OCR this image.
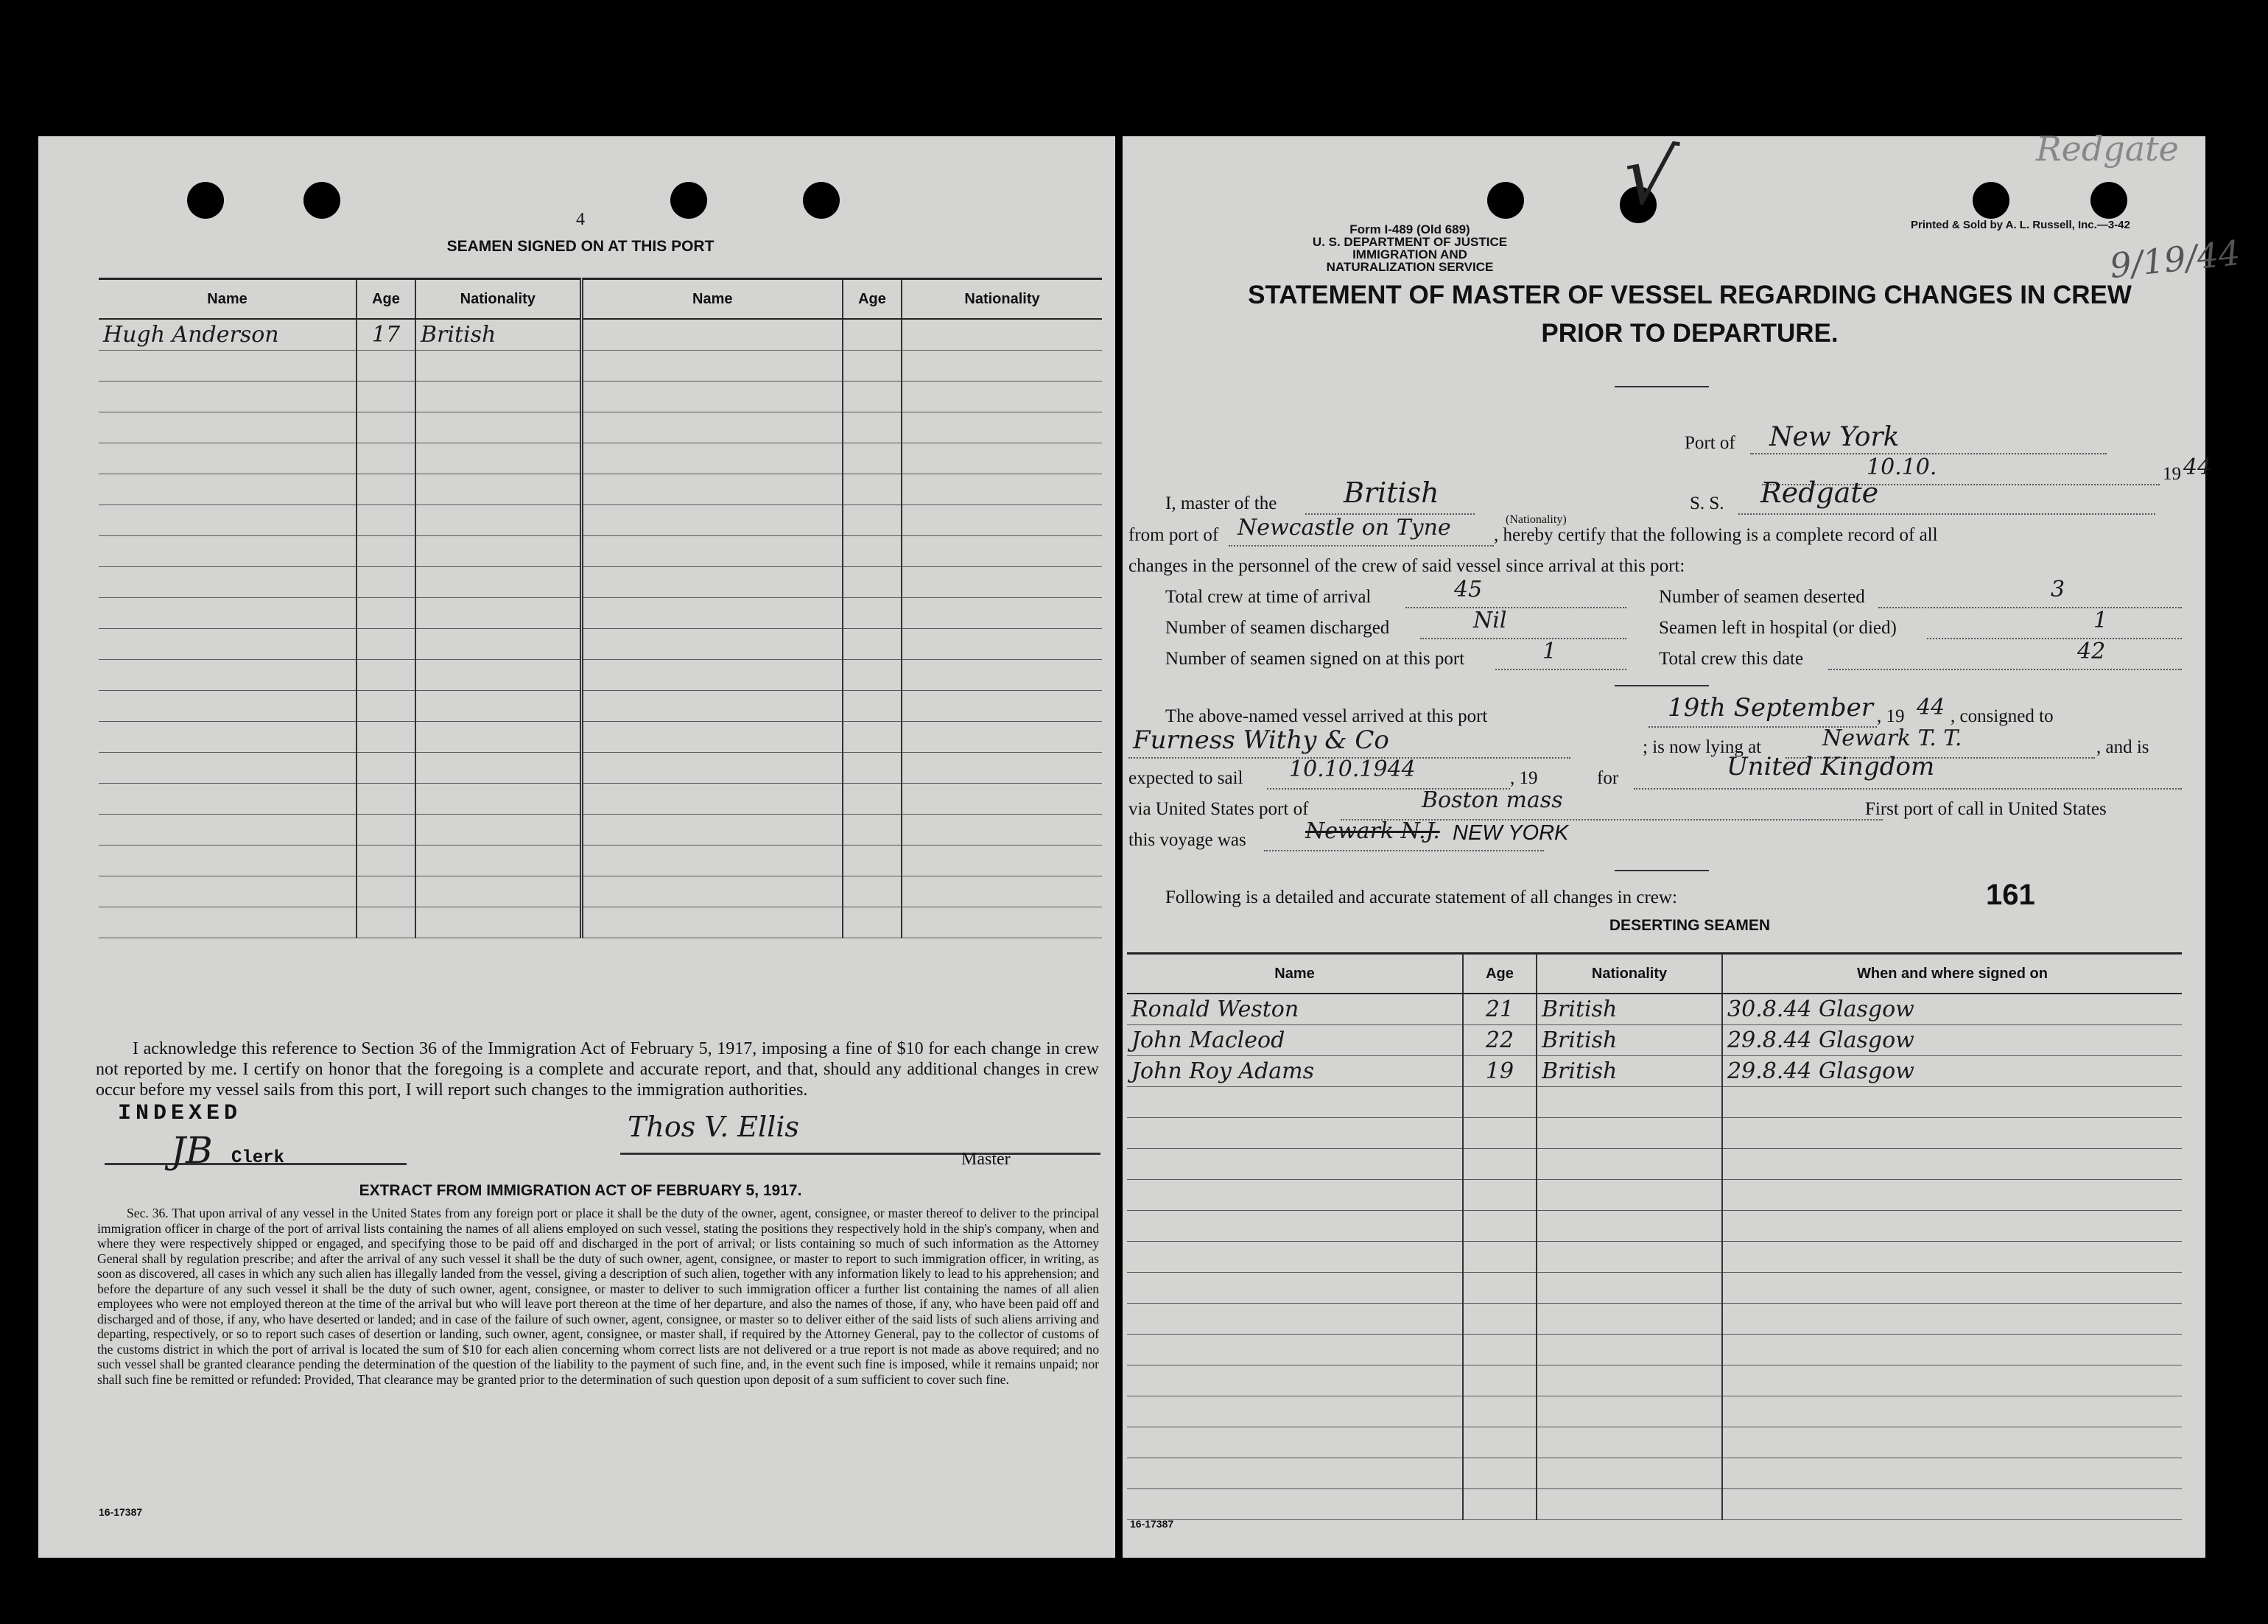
4
SEAMEN SIGNED ON AT THIS PORT
Name	Age	Nationality	Name	Age	Nationality
Hugh Anderson	17	British			

I acknowledge this reference to Section 36 of the Immigration Act of February 5, 1917, imposing a fine of $10 for each change in crew not reported by me. I certify on honor that the foregoing is a complete and accurate report, and that, should any additional changes in crew occur before my vessel sails from this port, I will report such changes to the immigration authorities.
INDEXED	Thos V. Ellis
JB Clerk	Master
EXTRACT FROM IMMIGRATION ACT OF FEBRUARY 5, 1917.
Sec. 36. That upon arrival of any vessel in the United States from any foreign port or place it shall be the duty of the owner, agent, consignee, or master thereof to deliver to the principal immigration officer in charge of the port of arrival lists containing the names of all aliens employed on such vessel, stating the positions they respectively hold in the ship's company, when and where they were respectively shipped or engaged, and specifying those to be paid off and discharged in the port of arrival; or lists containing so much of such information as the Attorney General shall by regulation prescribe; and after the arrival of any such vessel it shall be the duty of such owner, agent, consignee, or master to report to such immigration officer, in writing, as soon as discovered, all cases in which any such alien has illegally landed from the vessel, giving a description of such alien, together with any information likely to lead to his apprehension; and before the departure of any such vessel it shall be the duty of such owner, agent, consignee, or master to deliver to such immigration officer a further list containing the names of all alien employees who were not employed thereon at the time of the arrival but who will leave port thereon at the time of her departure, and also the names of those, if any, who have been paid off and discharged and of those, if any, who have deserted or landed; and in case of the failure of such owner, agent, consignee, or master so to deliver either of the said lists of such aliens arriving and departing, respectively, or so to report such cases of desertion or landing, such owner, agent, consignee, or master shall, if required by the Attorney General, pay to the collector of customs of the customs district in which the port of arrival is located the sum of $10 for each alien concerning whom correct lists are not delivered or a true report is not made as above required; and no such vessel shall be granted clearance pending the determination of the question of the liability to the payment of such fine, and, in the event such fine is imposed, while it remains unpaid; nor shall such fine be remitted or refunded: Provided, That clearance may be granted prior to the determination of such question upon deposit of a sum sufficient to cover such fine.
16-17387
Redgate
9/19/44
√
Form I-489 (Old 689)
U. S. DEPARTMENT OF JUSTICE
IMMIGRATION AND NATURALIZATION SERVICE
Printed & Sold by A. L. Russell, Inc.—3-42
STATEMENT OF MASTER OF VESSEL REGARDING CHANGES IN CREW
PRIOR TO DEPARTURE.
Port of New York
10.10.	19 44
I, master of the British
(Nationality)
S. S. Redgate
from port of Newcastle on Tyne , hereby certify that the following is a complete record of all
changes in the personnel of the crew of said vessel since arrival at this port:
Total crew at time of arrival	45
Number of seamen discharged	Nil
Number of seamen signed on at this port	1
Number of seamen deserted	3
Seamen left in hospital (or died)	1
Total crew this date	42
The above-named vessel arrived at this port	19th September , 19 44 , consigned to
Furness Withy & Co	; is now lying at	Newark T. T.	, and is
expected to sail 10.10.1944	, 19	for	United Kingdom
via United States port of	Boston mass	First port of call in United States
this voyage was	Newark N.J. NEW YORK
Following is a detailed and accurate statement of all changes in crew:	161
DESERTING SEAMEN
Name	Age	Nationality	When and where signed on
Ronald Weston	21	British	30.8.44 Glasgow
John Macleod	22	British	29.8.44 Glasgow
John Roy Adams	19	British	29.8.44 Glasgow

16-17387
